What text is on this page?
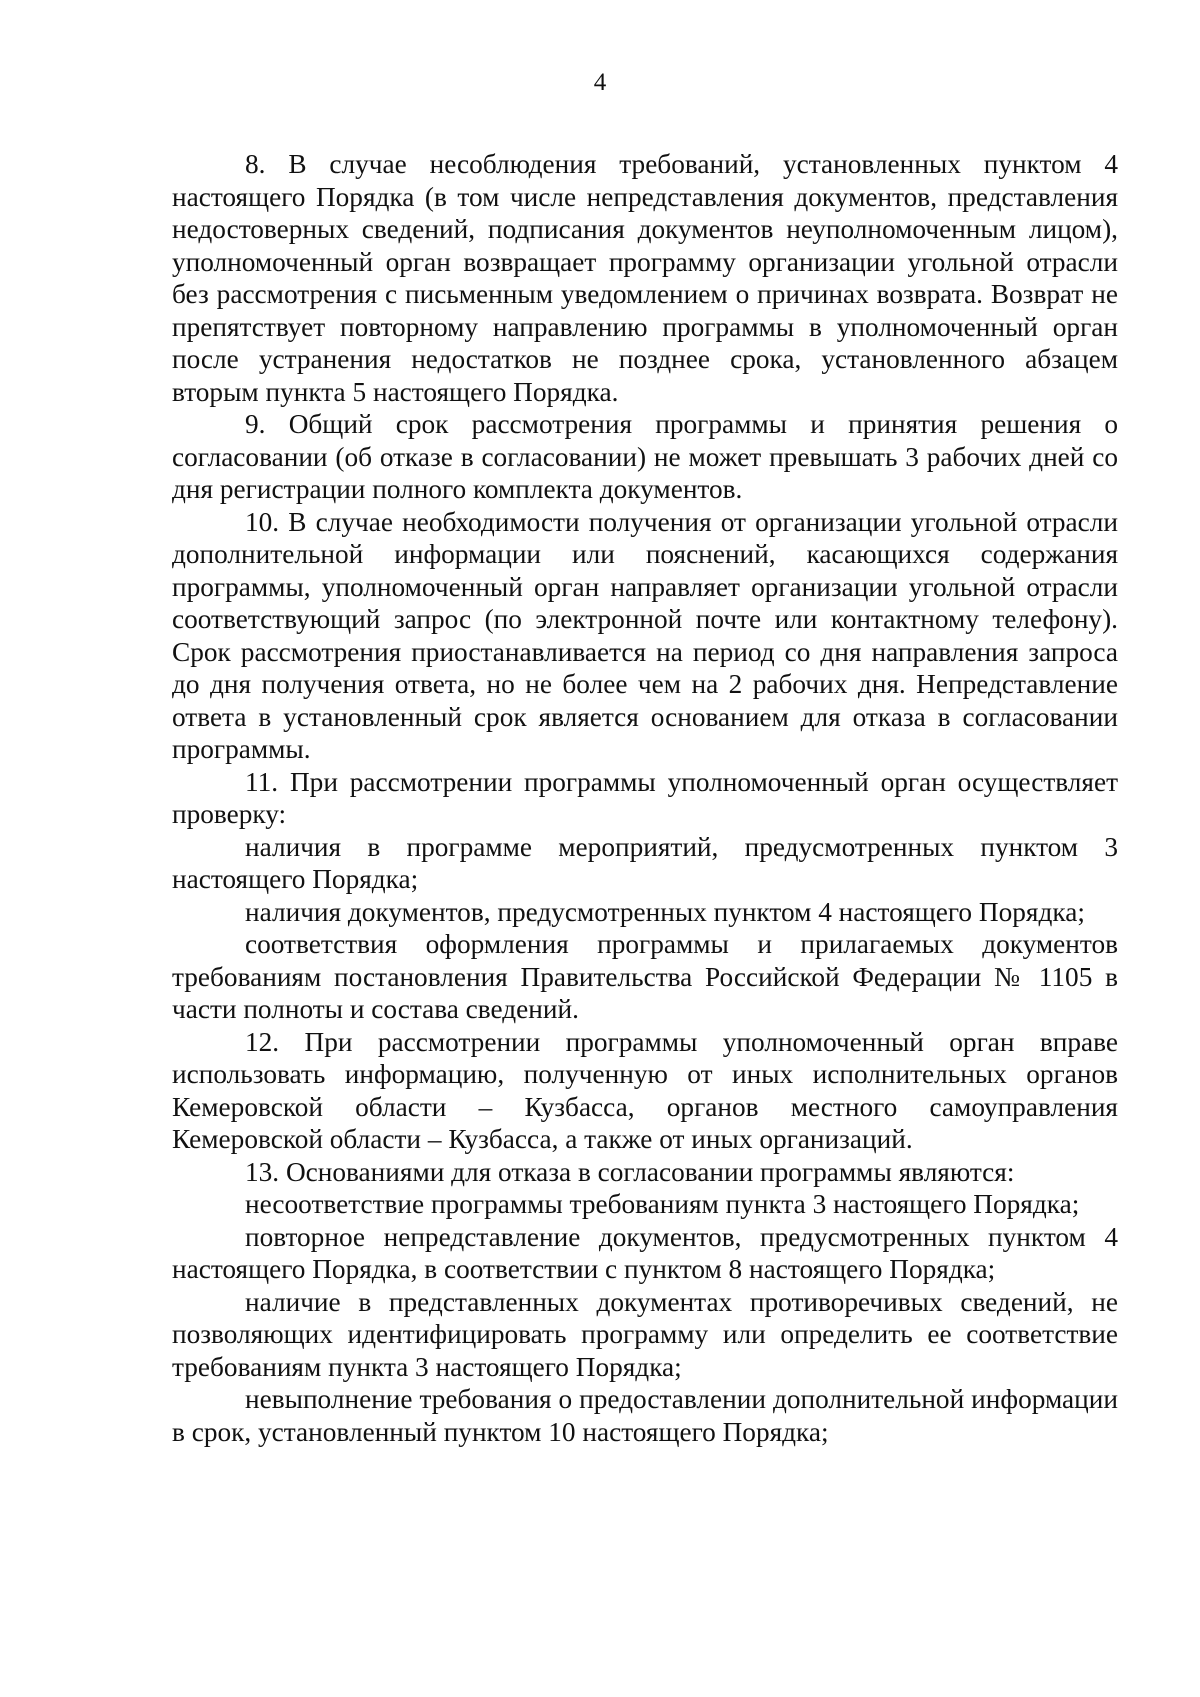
4

8. В случае несоблюдения требований, установленных пунктом 4 настоящего Порядка (в том числе непредставления документов, представления недостоверных сведений, подписания документов неуполномоченным лицом), уполномоченный орган возвращает программу организации угольной отрасли без рассмотрения с письменным уведомлением о причинах возврата. Возврат не препятствует повторному направлению программы в уполномоченный орган после устранения недостатков не позднее срока, установленного абзацем вторым пункта 5 настоящего Порядка.

9. Общий срок рассмотрения программы и принятия решения о согласовании (об отказе в согласовании) не может превышать 3 рабочих дней со дня регистрации полного комплекта документов.

10. В случае необходимости получения от организации угольной отрасли дополнительной информации или пояснений, касающихся содержания программы, уполномоченный орган направляет организации угольной отрасли соответствующий запрос (по электронной почте или контактному телефону). Срок рассмотрения приостанавливается на период со дня направления запроса до дня получения ответа, но не более чем на 2 рабочих дня. Непредставление ответа в установленный срок является основанием для отказа в согласовании программы.

11. При рассмотрении программы уполномоченный орган осуществляет проверку:

наличия в программе мероприятий, предусмотренных пунктом 3 настоящего Порядка;

наличия документов, предусмотренных пунктом 4 настоящего Порядка;

соответствия оформления программы и прилагаемых документов требованиям постановления Правительства Российской Федерации № 1105 в части полноты и состава сведений.

12. При рассмотрении программы уполномоченный орган вправе использовать информацию, полученную от иных исполнительных органов Кемеровской области – Кузбасса, органов местного самоуправления Кемеровской области – Кузбасса, а также от иных организаций.

13. Основаниями для отказа в согласовании программы являются:

несоответствие программы требованиям пункта 3 настоящего Порядка;

повторное непредставление документов, предусмотренных пунктом 4 настоящего Порядка, в соответствии с пунктом 8 настоящего Порядка;

наличие в представленных документах противоречивых сведений, не позволяющих идентифицировать программу или определить ее соответствие требованиям пункта 3 настоящего Порядка;

невыполнение требования о предоставлении дополнительной информации в срок, установленный пунктом 10 настоящего Порядка;
